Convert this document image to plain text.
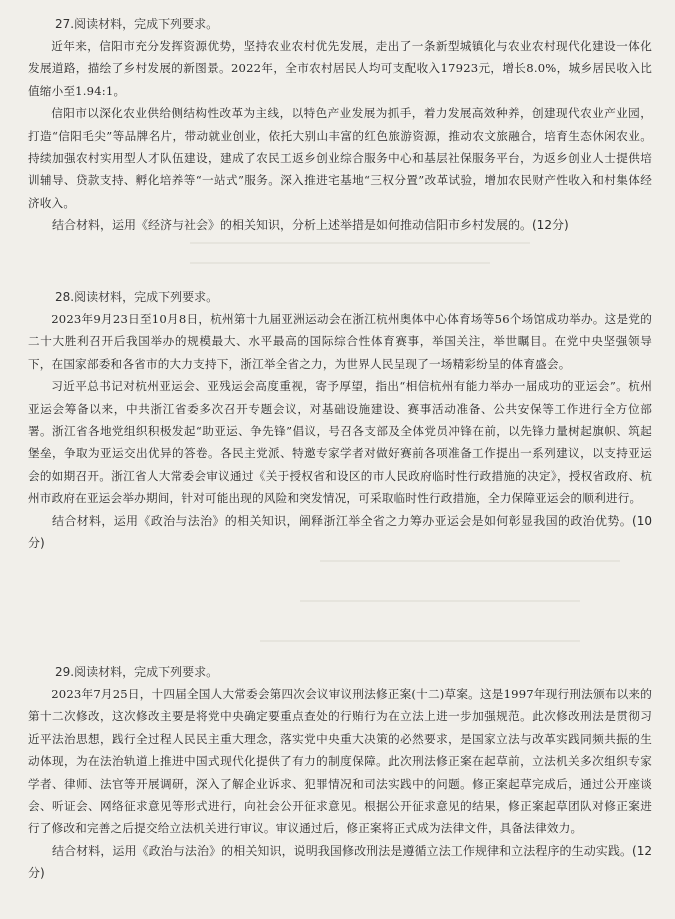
27.阅读材料，完成下列要求。

近年来，信阳市充分发挥资源优势，坚持农业农村优先发展，走出了一条新型城镇化与农业农村现代化建设一体化发展道路，描绘了乡村发展的新图景。2022年，全市农村居民人均可支配收入17923元，增长8.0%，城乡居民收入比值缩小至1.94:1。

信阳市以深化农业供给侧结构性改革为主线，以特色产业发展为抓手，着力发展高效种养，创建现代农业产业园，打造“信阳毛尖”等品牌名片，带动就业创业，依托大别山丰富的红色旅游资源，推动农文旅融合，培育生态休闲农业。持续加强农村实用型人才队伍建设，建成了农民工返乡创业综合服务中心和基层社保服务平台，为返乡创业人士提供培训辅导、贷款支持、孵化培养等“一站式”服务。深入推进宅基地“三权分置”改革试验，增加农民财产性收入和村集体经济收入。

结合材料，运用《经济与社会》的相关知识，分析上述举措是如何推动信阳市乡村发展的。(12分)

28.阅读材料，完成下列要求。

2023年9月23日至10月8日，杭州第十九届亚洲运动会在浙江杭州奥体中心体育场等56个场馆成功举办。这是党的二十大胜利召开后我国举办的规模最大、水平最高的国际综合性体育赛事，举国关注，举世瞩目。在党中央坚强领导下，在国家部委和各省市的大力支持下，浙江举全省之力，为世界人民呈现了一场精彩纷呈的体育盛会。

习近平总书记对杭州亚运会、亚残运会高度重视，寄予厚望，指出“相信杭州有能力举办一届成功的亚运会”。杭州亚运会筹备以来，中共浙江省委多次召开专题会议，对基础设施建设、赛事活动准备、公共安保等工作进行全方位部署。浙江省各地党组织积极发起“助亚运、争先锋”倡议，号召各支部及全体党员冲锋在前，以先锋力量树起旗帜、筑起堡垒，争取为亚运交出优异的答卷。各民主党派、特邀专家学者对做好赛前各项准备工作提出一系列建议，以支持亚运会的如期召开。浙江省人大常委会审议通过《关于授权省和设区的市人民政府临时性行政措施的决定》，授权省政府、杭州市政府在亚运会举办期间，针对可能出现的风险和突发情况，可采取临时性行政措施，全力保障亚运会的顺利进行。

结合材料，运用《政治与法治》的相关知识，阐释浙江举全省之力筹办亚运会是如何彰显我国的政治优势。(10分)

29.阅读材料，完成下列要求。

2023年7月25日，十四届全国人大常委会第四次会议审议刑法修正案(十二)草案。这是1997年现行刑法颁布以来的第十二次修改，这次修改主要是将党中央确定要重点查处的行贿行为在立法上进一步加强规范。此次修改刑法是贯彻习近平法治思想，践行全过程人民民主重大理念，落实党中央重大决策的必然要求，是国家立法与改革实践同频共振的生动体现，为在法治轨道上推进中国式现代化提供了有力的制度保障。此次刑法修正案在起草前，立法机关多次组织专家学者、律师、法官等开展调研，深入了解企业诉求、犯罪情况和司法实践中的问题。修正案起草完成后，通过公开座谈会、听证会、网络征求意见等形式进行，向社会公开征求意见。根据公开征求意见的结果，修正案起草团队对修正案进行了修改和完善之后提交给立法机关进行审议。审议通过后，修正案将正式成为法律文件，具备法律效力。

结合材料，运用《政治与法治》的相关知识，说明我国修改刑法是遵循立法工作规律和立法程序的生动实践。(12分)
